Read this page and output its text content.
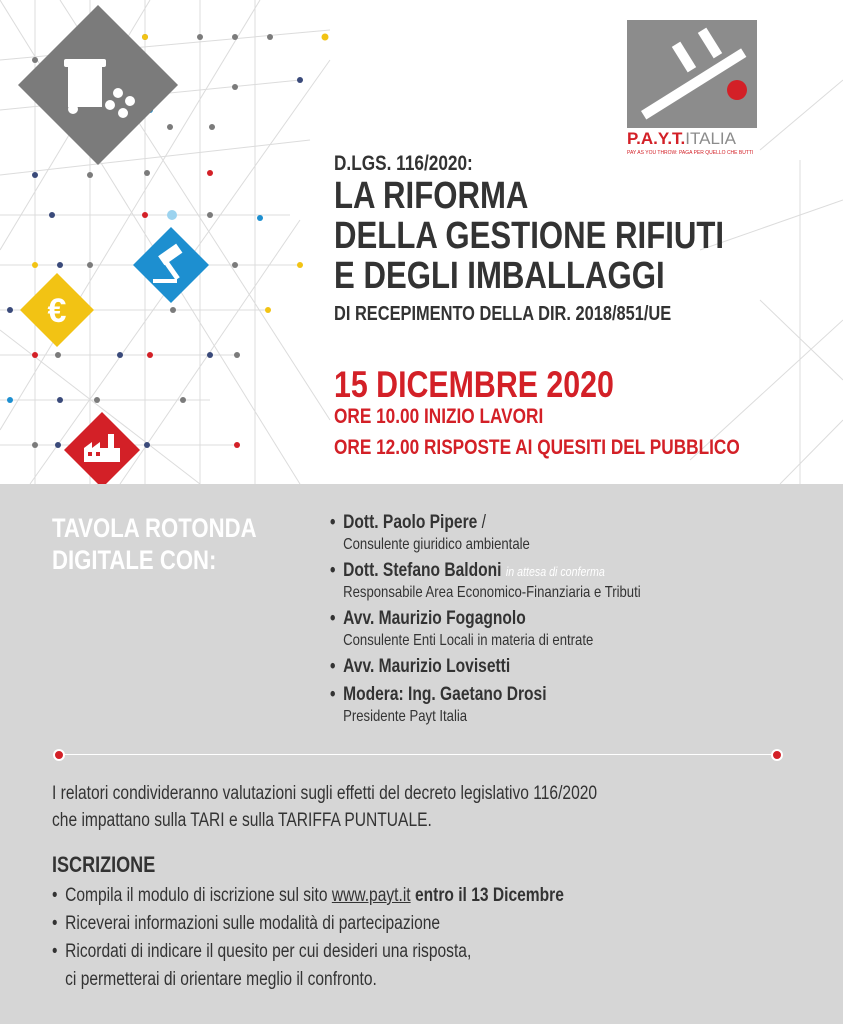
€
P.A.Y.T.ITALIA
PAY AS YOU THROW: PAGA PER QUELLO CHE BUTTI
D.LGS. 116/2020:
LA RIFORMA
DELLA GESTIONE RIFIUTI
E DEGLI IMBALLAGGI
DI RECEPIMENTO DELLA DIR. 2018/851/UE
15 DICEMBRE 2020
ORE 10.00 INIZIO LAVORI
ORE 12.00 RISPOSTE AI QUESITI DEL PUBBLICO
TAVOLA ROTONDA
DIGITALE CON:
• Dott. Paolo Pipere /
Consulente giuridico ambientale
• Dott. Stefano Baldoni in attesa di conferma
Responsabile Area Economico-Finanziaria e Tributi
• Avv. Maurizio Fogagnolo
Consulente Enti Locali in materia di entrate
• Avv. Maurizio Lovisetti
• Modera: Ing. Gaetano Drosi
Presidente Payt Italia
I relatori condivideranno valutazioni sugli effetti del decreto legislativo 116/2020
che impattano sulla TARI e sulla TARIFFA PUNTUALE.
ISCRIZIONE
• Compila il modulo di iscrizione sul sito www.payt.it entro il 13 Dicembre
• Riceverai informazioni sulle modalità di partecipazione
• Ricordati di indicare il quesito per cui desideri una risposta,
ci permetterai di orientare meglio il confronto.
